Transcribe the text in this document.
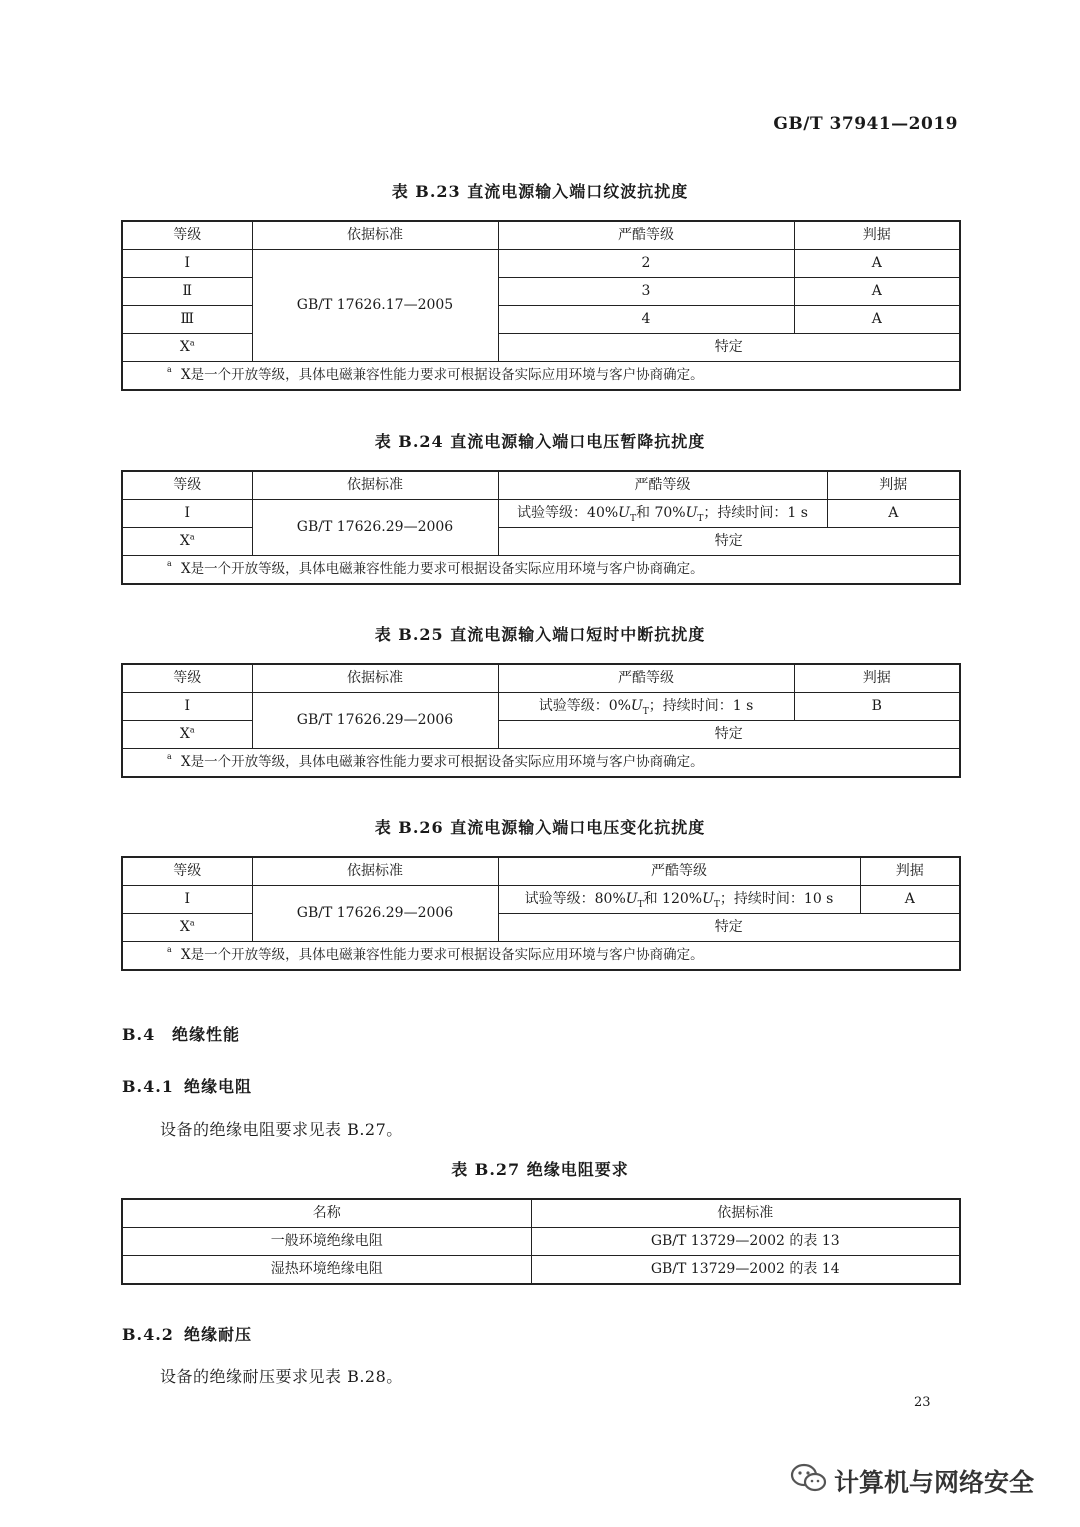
GB/T 37941—2019
表 B.23 直流电源输入端口纹波抗扰度
等级	依据标准	严酷等级	判据
Ⅰ	GB/T 17626.17—2005	2	A
Ⅱ		3	A
Ⅲ		4	A
Ⅹ$^a$		特定	

a Ⅹ是一个开放等级，具体电磁兼容性能力要求可根据设备实际应用环境与客户协商确定。			
表 B.24 直流电源输入端口电压暂降抗扰度
等级	依据标准	严酷等级	判据
Ⅰ	GB/T 17626.29—2006	试验等级：$40\%U_T$和 $70\%U_T$；持续时间：1 s	A
Ⅹ$^a$		特定	

a Ⅹ是一个开放等级，具体电磁兼容性能力要求可根据设备实际应用环境与客户协商确定。			
表 B.25 直流电源输入端口短时中断抗扰度
等级	依据标准	严酷等级	判据
Ⅰ	GB/T 17626.29—2006	试验等级：$0\%U_T$；持续时间：1 s	B
Ⅹ$^a$		特定	

a Ⅹ是一个开放等级，具体电磁兼容性能力要求可根据设备实际应用环境与客户协商确定。			
表 B.26 直流电源输入端口电压变化抗扰度
等级	依据标准	严酷等级	判据
Ⅰ	GB/T 17626.29—2006	试验等级：$80\%U_T$和 $120\%U_T$；持续时间：10 s	A
Ⅹ$^a$		特定	

a Ⅹ是一个开放等级，具体电磁兼容性能力要求可根据设备实际应用环境与客户协商确定。			
B.4 绝缘性能
B.4.1 绝缘电阻
设备的绝缘电阻要求见表 B.27。
表 B.27 绝缘电阻要求
名称	依据标准
一般环境绝缘电阻	GB/T 13729—2002 的表 13
湿热环境绝缘电阻	GB/T 13729—2002 的表 14
B.4.2 绝缘耐压
设备的绝缘耐压要求见表 B.28。
23
计算机与网络安全
